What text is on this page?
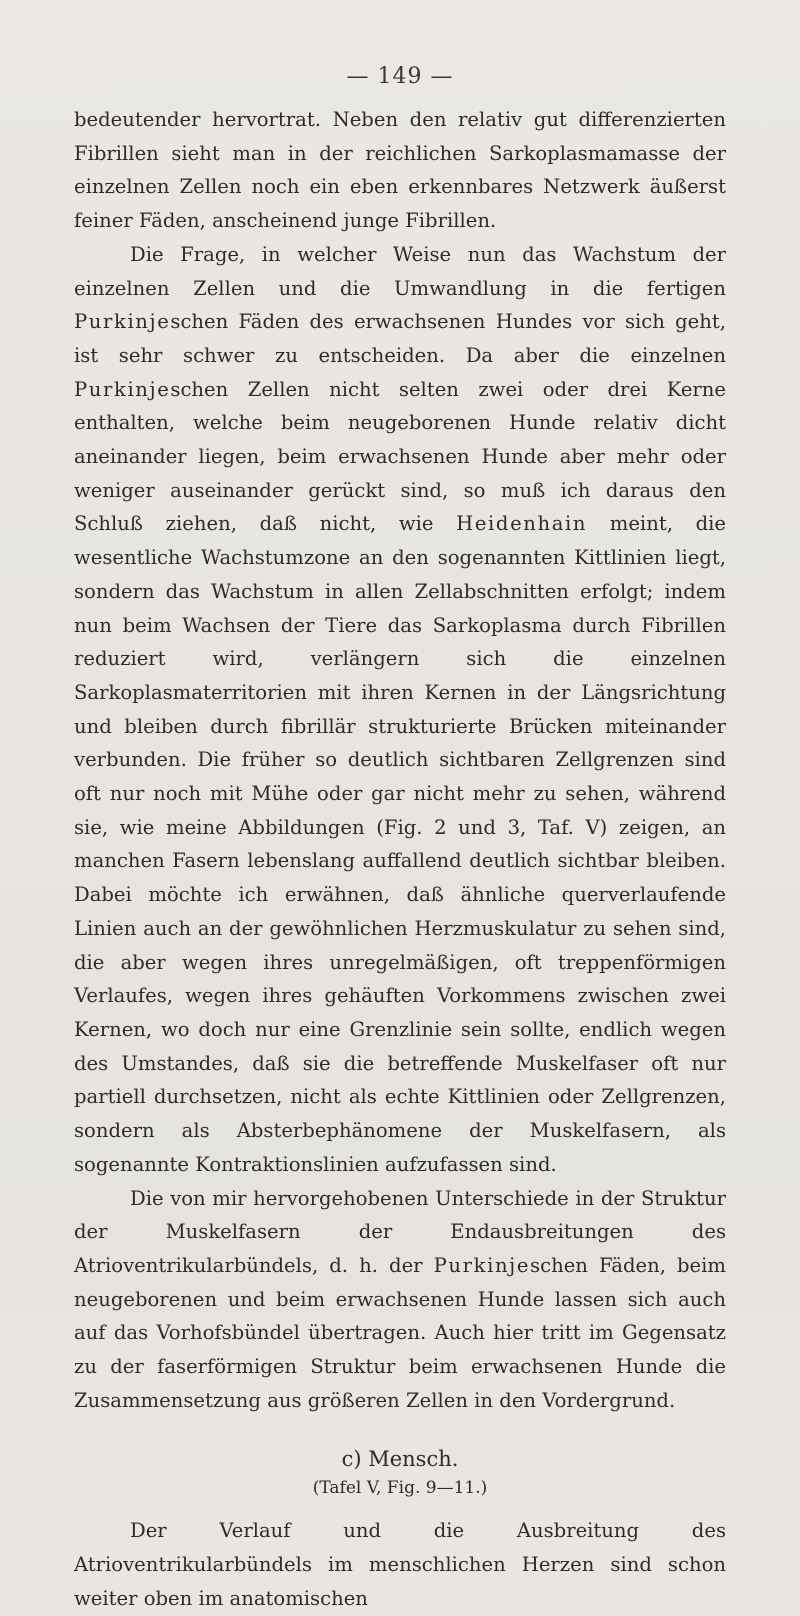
— 149 —

bedeutender hervortrat. Neben den relativ gut differenzierten Fibrillen sieht man in der reichlichen Sarkoplasmamasse der einzelnen Zellen noch ein eben erkennbares Netzwerk äußerst feiner Fäden, anscheinend junge Fibrillen.

Die Frage, in welcher Weise nun das Wachstum der einzelnen Zellen und die Umwandlung in die fertigen Purkinjeschen Fäden des erwachsenen Hundes vor sich geht, ist sehr schwer zu entscheiden. Da aber die einzelnen Purkinjeschen Zellen nicht selten zwei oder drei Kerne enthalten, welche beim neugeborenen Hunde relativ dicht aneinander liegen, beim erwachsenen Hunde aber mehr oder weniger auseinander gerückt sind, so muß ich daraus den Schluß ziehen, daß nicht, wie Heidenhain meint, die wesentliche Wachstumzone an den sogenannten Kittlinien liegt, sondern das Wachstum in allen Zellabschnitten erfolgt; indem nun beim Wachsen der Tiere das Sarkoplasma durch Fibrillen reduziert wird, verlängern sich die einzelnen Sarkoplasmaterritorien mit ihren Kernen in der Längsrichtung und bleiben durch fibrillär strukturierte Brücken miteinander verbunden. Die früher so deutlich sichtbaren Zellgrenzen sind oft nur noch mit Mühe oder gar nicht mehr zu sehen, während sie, wie meine Abbildungen (Fig. 2 und 3, Taf. V) zeigen, an manchen Fasern lebenslang auffallend deutlich sichtbar bleiben. Dabei möchte ich erwähnen, daß ähnliche querverlaufende Linien auch an der gewöhnlichen Herzmuskulatur zu sehen sind, die aber wegen ihres unregelmäßigen, oft treppenförmigen Verlaufes, wegen ihres gehäuften Vorkommens zwischen zwei Kernen, wo doch nur eine Grenzlinie sein sollte, endlich wegen des Umstandes, daß sie die betreffende Muskelfaser oft nur partiell durchsetzen, nicht als echte Kittlinien oder Zellgrenzen, sondern als Absterbephänomene der Muskelfasern, als sogenannte Kontraktionslinien aufzufassen sind.

Die von mir hervorgehobenen Unterschiede in der Struktur der Muskelfasern der Endausbreitungen des Atrioventrikularbündels, d. h. der Purkinjeschen Fäden, beim neugeborenen und beim erwachsenen Hunde lassen sich auch auf das Vorhofsbündel übertragen. Auch hier tritt im Gegensatz zu der faserförmigen Struktur beim erwachsenen Hunde die Zusammensetzung aus größeren Zellen in den Vordergrund.

c) Mensch.
(Tafel V, Fig. 9—11.)

Der Verlauf und die Ausbreitung des Atrioventrikularbündels im menschlichen Herzen sind schon weiter oben im anatomischen
